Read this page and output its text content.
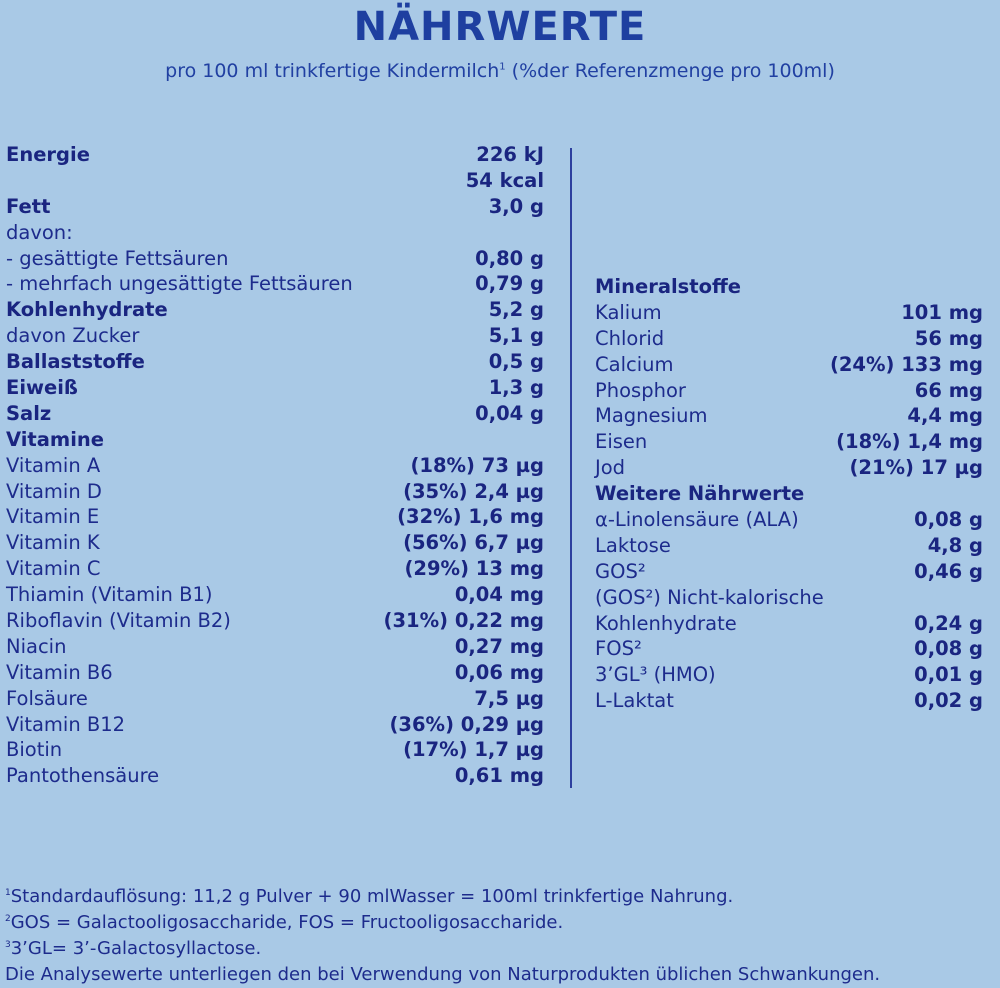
NÄHRWERTE
pro 100 ml trinkfertige Kindermilch$^1$ (%der Referenzmenge pro 100ml)
Energie	226 kJ
54 kcal
Fett	3,0 g
davon:
- gesättigte Fettsäuren	0,80 g
- mehrfach ungesättigte Fettsäuren	0,79 g
Kohlenhydrate	5,2 g
davon Zucker	5,1 g
Ballaststoffe	0,5 g
Eiweiß	1,3 g
Salz	0,04 g
Vitamine
Vitamin A	(18%) 73 µg
Vitamin D	(35%) 2,4 µg
Vitamin E	(32%) 1,6 mg
Vitamin K	(56%) 6,7 µg
Vitamin C	(29%) 13 mg
Thiamin (Vitamin B1)	0,04 mg
Riboflavin (Vitamin B2)	(31%) 0,22 mg
Niacin	0,27 mg
Vitamin B6	0,06 mg
Folsäure	7,5 µg
Vitamin B12	(36%) 0,29 µg
Biotin	(17%) 1,7 µg
Pantothensäure	0,61 mg
Mineralstoffe
Kalium	101 mg
Chlorid	56 mg
Calcium	(24%) 133 mg
Phosphor	66 mg
Magnesium	4,4 mg
Eisen	(18%) 1,4 mg
Jod	(21%) 17 µg
Weitere Nährwerte
α-Linolensäure (ALA)	0,08 g
Laktose	4,8 g
GOS²	0,46 g
(GOS²) Nicht-kalorische
Kohlenhydrate	0,24 g
FOS²	0,08 g
3’GL³ (HMO)	0,01 g
L-Laktat	0,02 g
$^1$Standardauflösung: 11,2 g Pulver + 90 mlWasser = 100ml trinkfertige Nahrung.
$^2$GOS = Galactooligosaccharide, FOS = Fructooligosaccharide.
$^3$3’GL= 3’-Galactosyllactose.
Die Analysewerte unterliegen den bei Verwendung von Naturprodukten üblichen Schwankungen.
